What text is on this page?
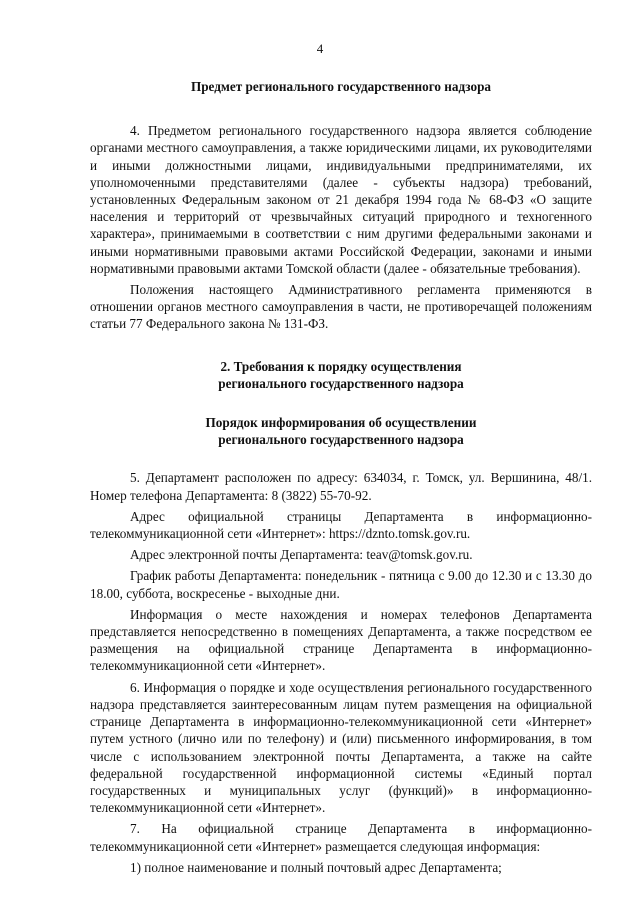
4

Предмет регионального государственного надзора

4. Предметом регионального государственного надзора является соблюдение органами местного самоуправления, а также юридическими лицами, их руководителями и иными должностными лицами, индивидуальными предпринимателями, их уполномоченными представителями (далее - субъекты надзора) требований, установленных Федеральным законом от 21 декабря 1994 года № 68-ФЗ «О защите населения и территорий от чрезвычайных ситуаций природного и техногенного характера», принимаемыми в соответствии с ним другими федеральными законами и иными нормативными правовыми актами Российской Федерации, законами и иными нормативными правовыми актами Томской области (далее - обязательные требования).

Положения настоящего Административного регламента применяются в отношении органов местного самоуправления в части, не противоречащей положениям статьи 77 Федерального закона № 131-ФЗ.

2. Требования к порядку осуществления
регионального государственного надзора
Порядок информирования об осуществлении
регионального государственного надзора

5. Департамент расположен по адресу: 634034, г. Томск, ул. Вершинина, 48/1. Номер телефона Департамента: 8 (3822) 55-70-92.

Адрес официальной страницы Департамента в информационно-телекоммуникационной сети «Интернет»: https://dznto.tomsk.gov.ru.

Адрес электронной почты Департамента: teav@tomsk.gov.ru.

График работы Департамента: понедельник - пятница с 9.00 до 12.30 и с 13.30 до 18.00, суббота, воскресенье - выходные дни.

Информация о месте нахождения и номерах телефонов Департамента представляется непосредственно в помещениях Департамента, а также посредством ее размещения на официальной странице Департамента в информационно-телекоммуникационной сети «Интернет».

6. Информация о порядке и ходе осуществления регионального государственного надзора представляется заинтересованным лицам путем размещения на официальной странице Департамента в информационно-телекоммуникационной сети «Интернет» путем устного (лично или по телефону) и (или) письменного информирования, в том числе с использованием электронной почты Департамента, а также на сайте федеральной государственной информационной системы «Единый портал государственных и муниципальных услуг (функций)» в информационно-телекоммуникационной сети «Интернет».

7. На официальной странице Департамента в информационно-телекоммуникационной сети «Интернет» размещается следующая информация:

1) полное наименование и полный почтовый адрес Департамента;
